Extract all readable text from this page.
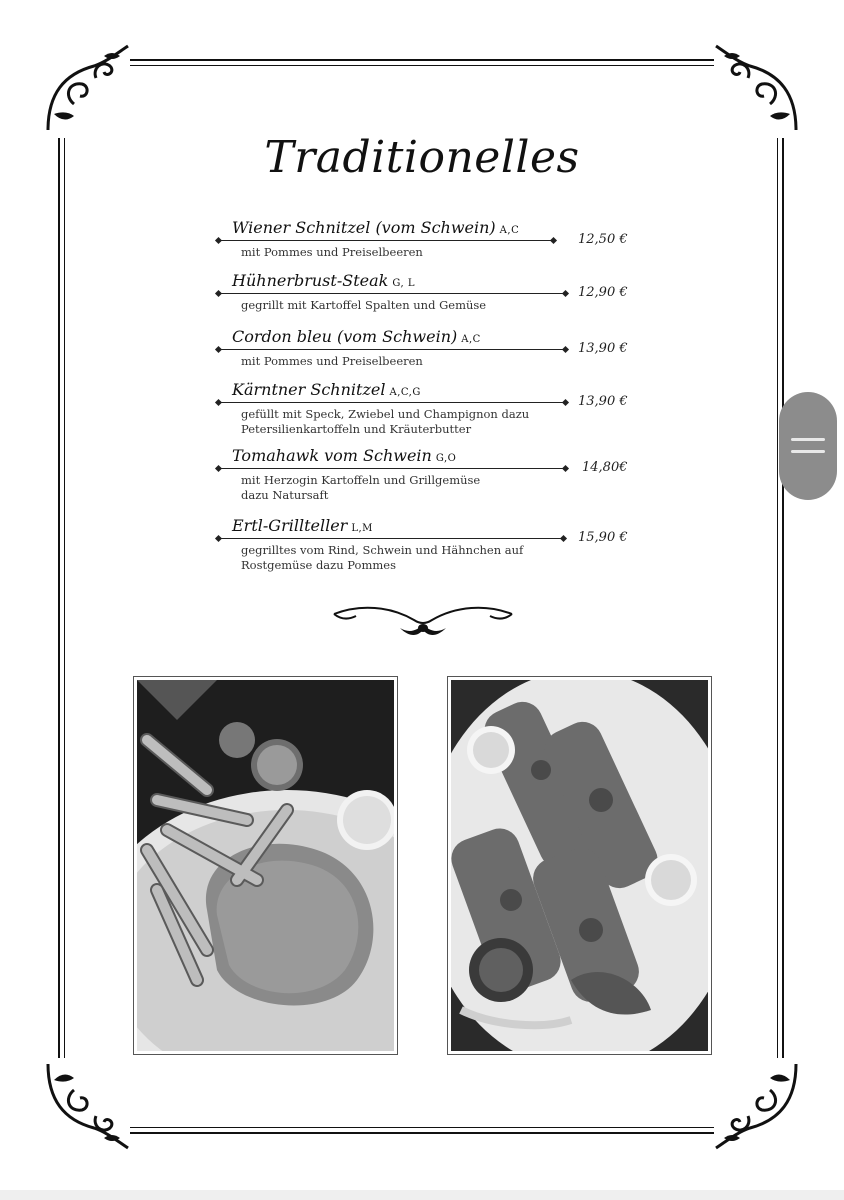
Traditionelles
Wiener Schnitzel (vom Schwein) A,C
12,50 €
mit Pommes und Preiselbeeren
Hühnerbrust-Steak G, L
12,90 €
gegrillt mit Kartoffel Spalten und Gemüse
Cordon bleu (vom Schwein) A,C
13,90 €
mit Pommes und Preiselbeeren
Kärntner Schnitzel A,C,G
13,90 €
gefüllt mit Speck, Zwiebel und Champignon dazu Petersilienkartoffeln und Kräuterbutter
Tomahawk vom Schwein G,O
14,80€
mit Herzogin Kartoffeln und Grillgemüse dazu Natursaft
Ertl-Grillteller L,M
15,90 €
gegrilltes vom Rind, Schwein und Hähnchen auf Rostgemüse dazu Pommes
